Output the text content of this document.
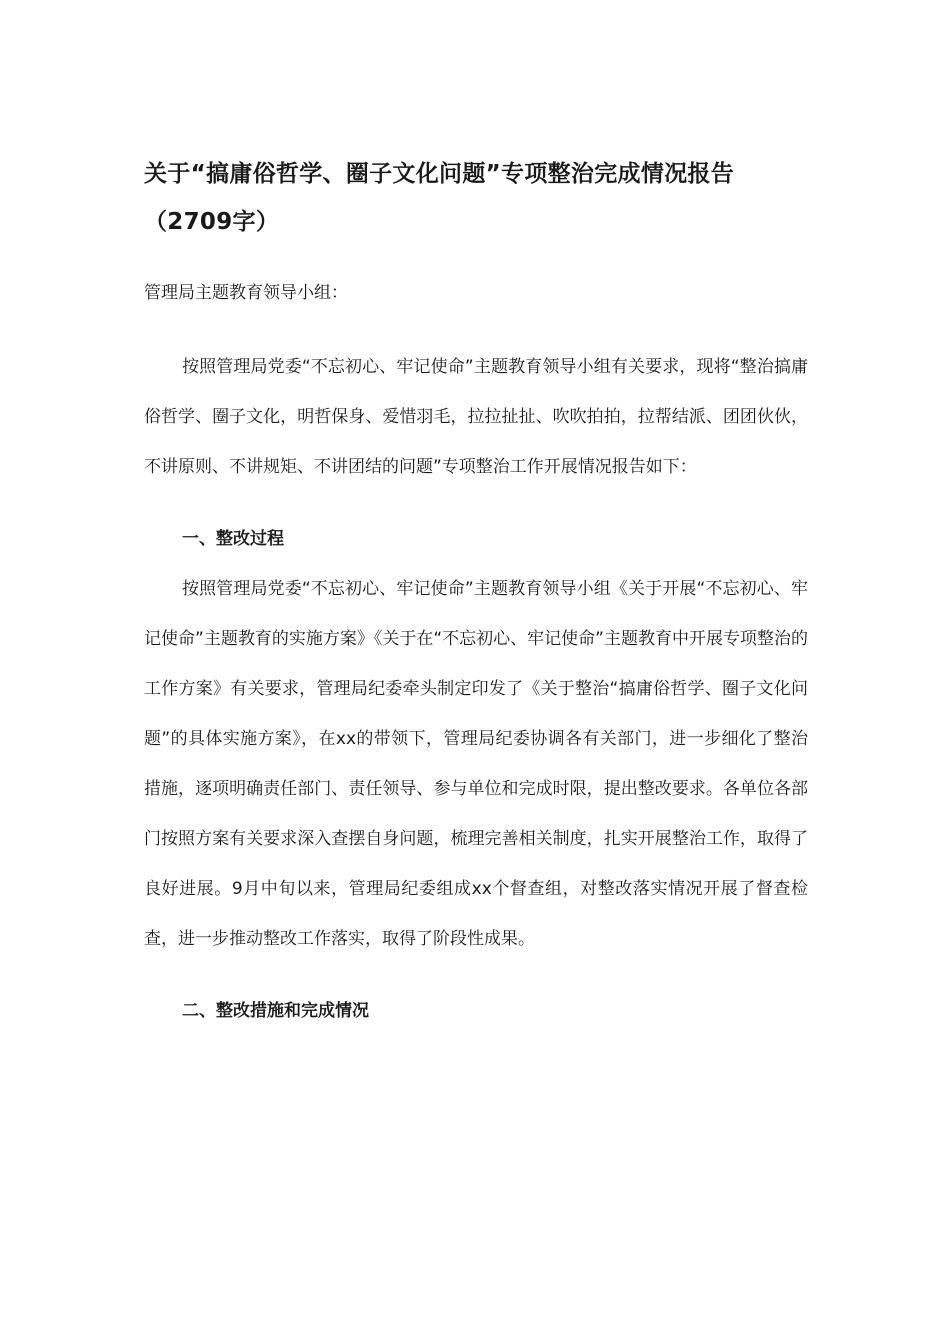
关于“搞庸俗哲学、圈子文化问题”专项整治完成情况报告（2709字）

管理局主题教育领导小组：

按照管理局党委“不忘初心、牢记使命”主题教育领导小组有关要求，现将“整治搞庸俗哲学、圈子文化，明哲保身、爱惜羽毛，拉拉扯扯、吹吹拍拍，拉帮结派、团团伙伙，不讲原则、不讲规矩、不讲团结的问题”专项整治工作开展情况报告如下：

一、整改过程

按照管理局党委“不忘初心、牢记使命”主题教育领导小组《关于开展“不忘初心、牢记使命”主题教育的实施方案》《关于在“不忘初心、牢记使命”主题教育中开展专项整治的工作方案》有关要求，管理局纪委牵头制定印发了《关于整治“搞庸俗哲学、圈子文化问题”的具体实施方案》，在xx的带领下，管理局纪委协调各有关部门，进一步细化了整治措施，逐项明确责任部门、责任领导、参与单位和完成时限，提出整改要求。各单位各部门按照方案有关要求深入查摆自身问题，梳理完善相关制度，扎实开展整治工作，取得了良好进展。9月中旬以来，管理局纪委组成xx个督查组，对整改落实情况开展了督查检查，进一步推动整改工作落实，取得了阶段性成果。

二、整改措施和完成情况
